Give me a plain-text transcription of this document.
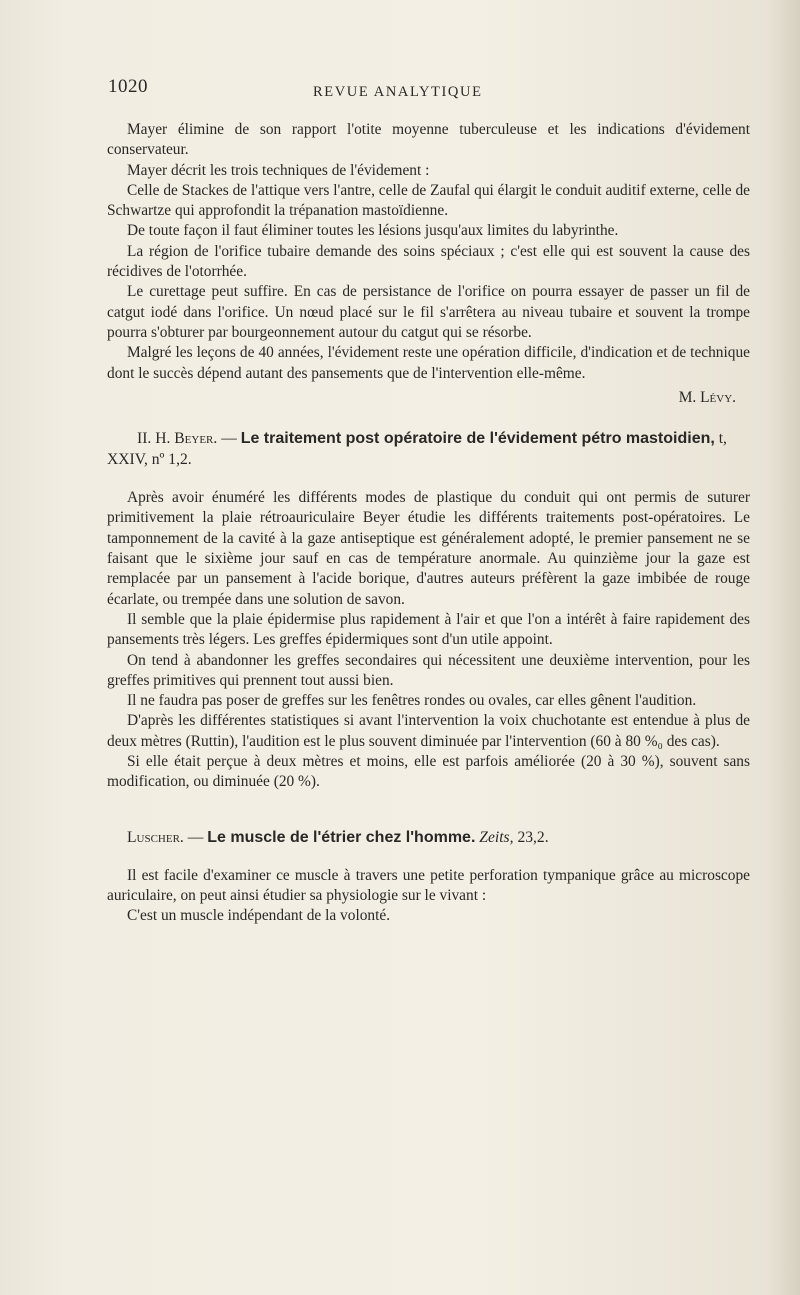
1020	REVUE ANALYTIQUE

Mayer élimine de son rapport l'otite moyenne tuberculeuse et les indications d'évidement conservateur.

Mayer décrit les trois techniques de l'évidement :

Celle de Stackes de l'attique vers l'antre, celle de Zaufal qui élargit le conduit auditif externe, celle de Schwartze qui approfondit la trépanation mastoïdienne.

De toute façon il faut éliminer toutes les lésions jusqu'aux limites du labyrinthe.

La région de l'orifice tubaire demande des soins spéciaux ; c'est elle qui est souvent la cause des récidives de l'otorrhée.

Le curettage peut suffire. En cas de persistance de l'orifice on pourra essayer de passer un fil de catgut iodé dans l'orifice. Un nœud placé sur le fil s'arrêtera au niveau tubaire et souvent la trompe pourra s'obturer par bourgeonnement autour du catgut qui se résorbe.

Malgré les leçons de 40 années, l'évidement reste une opération difficile, d'indication et de technique dont le succès dépend autant des pansements que de l'intervention elle-même.

M. Lévy.

II. H. Beyer. — Le traitement post opératoire de l'évidement pétro mastoidien, t, XXIV, nº 1,2.

Après avoir énuméré les différents modes de plastique du conduit qui ont permis de suturer primitivement la plaie rétroauriculaire Beyer étudie les différents traitements post-opératoires. Le tamponnement de la cavité à la gaze antiseptique est généralement adopté, le premier pansement ne se faisant que le sixième jour sauf en cas de température anormale. Au quinzième jour la gaze est remplacée par un pansement à l'acide borique, d'autres auteurs préfèrent la gaze imbibée de rouge écarlate, ou trempée dans une solution de savon.

Il semble que la plaie épidermise plus rapidement à l'air et que l'on a intérêt à faire rapidement des pansements très légers. Les greffes épidermiques sont d'un utile appoint.

On tend à abandonner les greffes secondaires qui nécessitent une deuxième intervention, pour les greffes primitives qui prennent tout aussi bien.

Il ne faudra pas poser de greffes sur les fenêtres rondes ou ovales, car elles gênent l'audition.

D'après les différentes statistiques si avant l'intervention la voix chuchotante est entendue à plus de deux mètres (Ruttin), l'audition est le plus souvent diminuée par l'intervention (60 à 80 %₀ des cas).

Si elle était perçue à deux mètres et moins, elle est parfois améliorée (20 à 30 %), souvent sans modification, ou diminuée (20 %).

Luscher. — Le muscle de l'étrier chez l'homme. Zeits, 23,2.

Il est facile d'examiner ce muscle à travers une petite perforation tympanique grâce au microscope auriculaire, on peut ainsi étudier sa physiologie sur le vivant :

C'est un muscle indépendant de la volonté.
